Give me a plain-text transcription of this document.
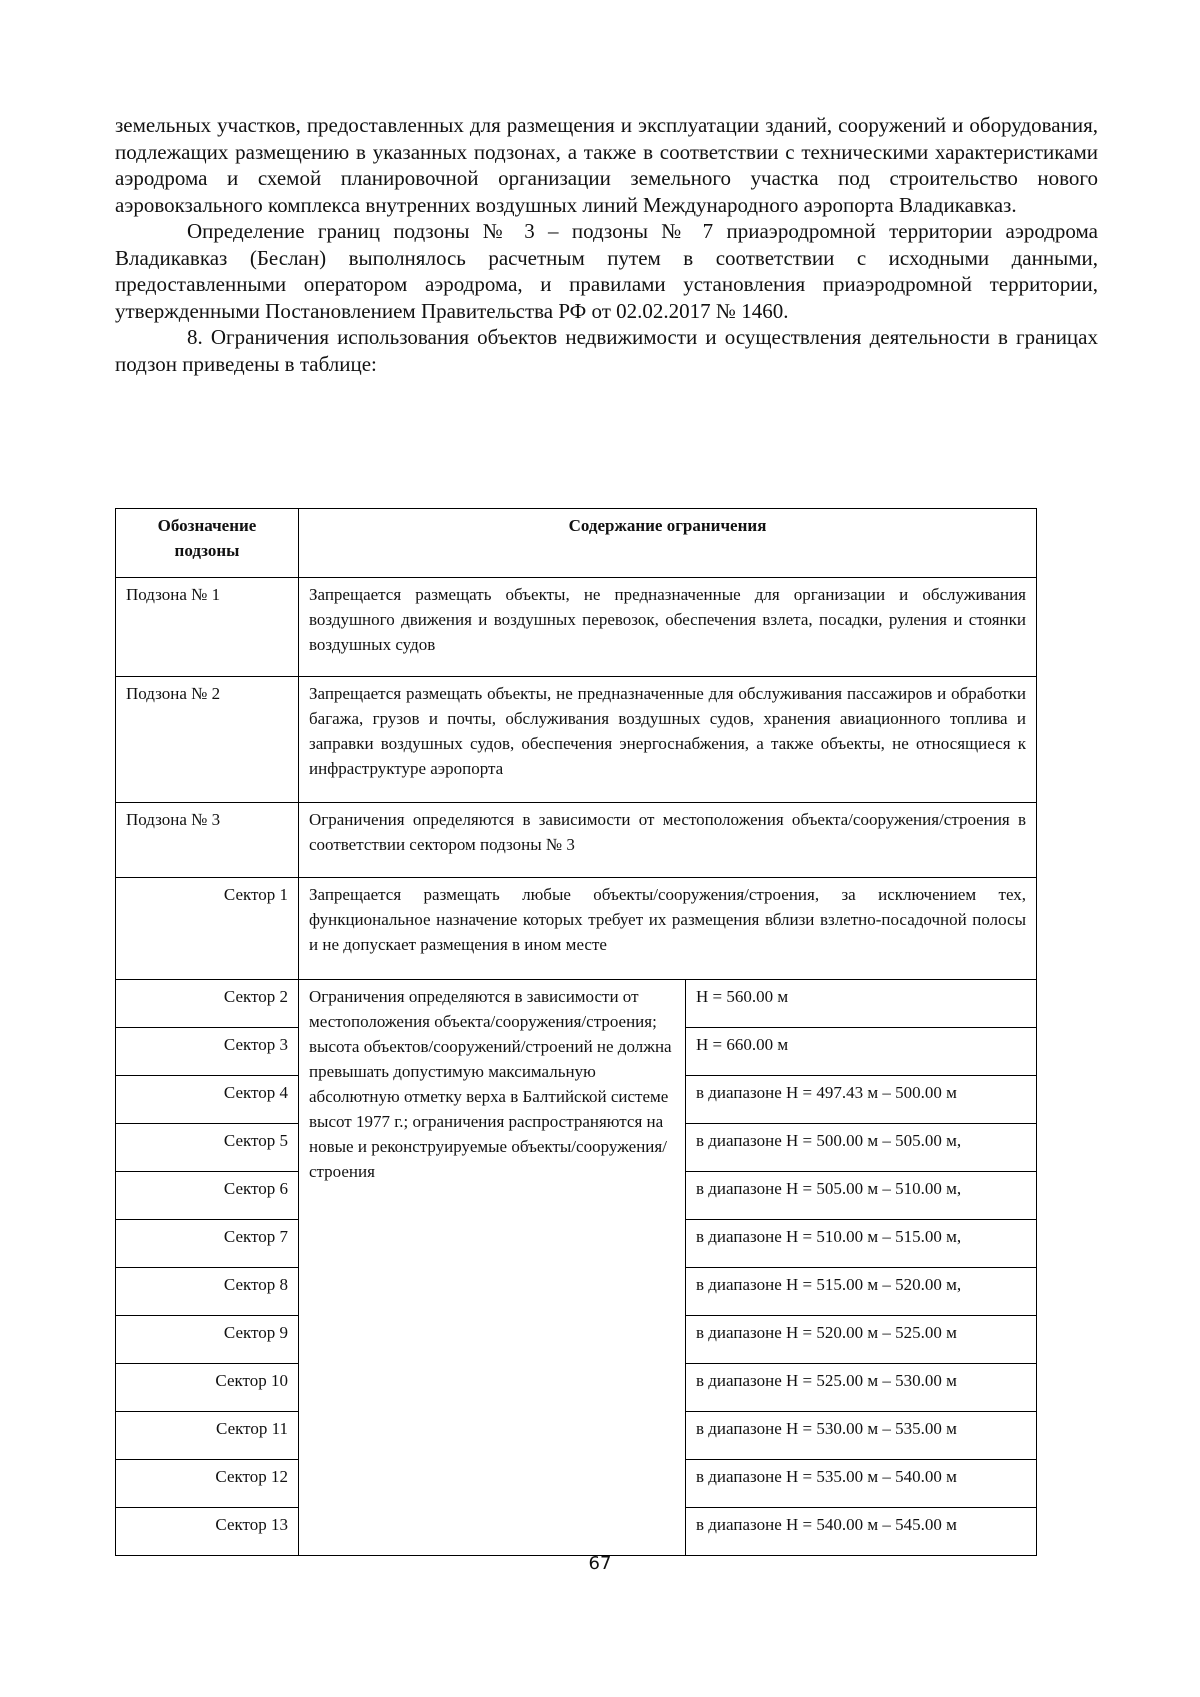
земельных участков, предоставленных для размещения и эксплуатации зданий, сооружений и оборудования, подлежащих размещению в указанных подзонах, а также в соответствии с техническими характеристиками аэродрома и схемой планировочной организации земельного участка под строительство нового аэровокзального комплекса внутренних воздушных линий Международного аэропорта Владикавказ.

Определение границ подзоны № 3 – подзоны № 7 приаэродромной территории аэродрома Владикавказ (Беслан) выполнялось расчетным путем в соответствии с исходными данными, предоставленными оператором аэродрома, и правилами установления приаэродромной территории, утвержденными Постановлением Правительства РФ от 02.02.2017 № 1460.

8. Ограничения использования объектов недвижимости и осуществления деятельности в границах подзон приведены в таблице:

Обозначение подзоны	Содержание ограничения	
Подзона № 1	Запрещается размещать объекты, не предназначенные для организации и обслуживания воздушного движения и воздушных перевозок, обеспечения взлета, посадки, руления и стоянки воздушных судов	
Подзона № 2	Запрещается размещать объекты, не предназначенные для обслуживания пассажиров и обработки багажа, грузов и почты, обслуживания воздушных судов, хранения авиационного топлива и заправки воздушных судов, обеспечения энергоснабжения, а также объекты, не относящиеся к инфраструктуре аэропорта	
Подзона № 3	Ограничения определяются в зависимости от местоположения объекта/сооружения/строения в соответствии сектором подзоны № 3	
Сектор 1	Запрещается размещать любые объекты/сооружения/строения, за исключением тех, функциональное назначение которых требует их размещения вблизи взлетно-посадочной полосы и не допускает размещения в ином месте	
Сектор 2	Ограничения определяются в зависимости от местоположения объекта/сооружения/строения; высота объектов/сооружений/строений не должна превышать допустимую максимальную абсолютную отметку верха в Балтийской системе высот 1977 г.; ограничения распространяются на новые и реконструируемые объекты/сооружения/строения	H = 560.00 м
Сектор 3		H = 660.00 м
Сектор 4		в диапазоне H = 497.43 м – 500.00 м
Сектор 5		в диапазоне H = 500.00 м – 505.00 м,
Сектор 6		в диапазоне H = 505.00 м – 510.00 м,
Сектор 7		в диапазоне H = 510.00 м – 515.00 м,
Сектор 8		в диапазоне H = 515.00 м – 520.00 м,
Сектор 9		в диапазоне H = 520.00 м – 525.00 м
Сектор 10		в диапазоне H = 525.00 м – 530.00 м
Сектор 11		в диапазоне H = 530.00 м – 535.00 м
Сектор 12		в диапазоне H = 535.00 м – 540.00 м
Сектор 13		в диапазоне H = 540.00 м – 545.00 м
67
